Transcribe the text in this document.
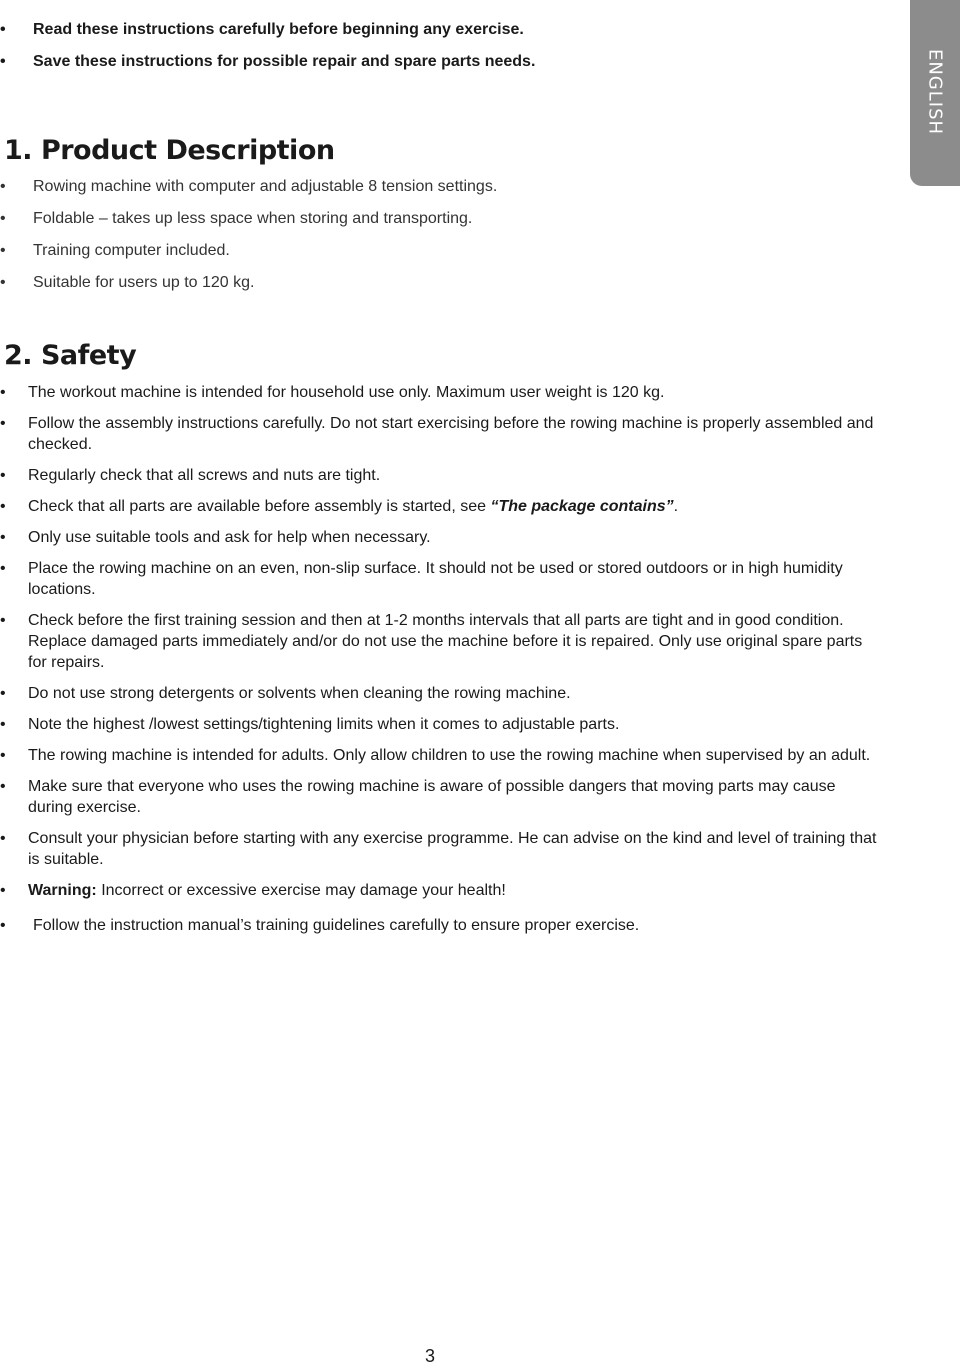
ENGLISH
• Read these instructions carefully before beginning any exercise.
• Save these instructions for possible repair and spare parts needs.
1. Product Description
• Rowing machine with computer and adjustable 8 tension settings.
• Foldable – takes up less space when storing and transporting.
• Training computer included.
• Suitable for users up to 120 kg.
2. Safety
• The workout machine is intended for household use only. Maximum user weight is 120 kg.
• Follow the assembly instructions carefully. Do not start exercising before the rowing machine is properly assembled and checked.
• Regularly check that all screws and nuts are tight.
• Check that all parts are available before assembly is started, see “The package contains”.
• Only use suitable tools and ask for help when necessary.
• Place the rowing machine on an even, non-slip surface. It should not be used or stored outdoors or in high humidity locations.
• Check before the first training session and then at 1-2 months intervals that all parts are tight and in good condition. Replace damaged parts immediately and/or do not use the machine before it is repaired. Only use original spare parts for repairs.
• Do not use strong detergents or solvents when cleaning the rowing machine.
• Note the highest /lowest settings/tightening limits when it comes to adjustable parts.
• The rowing machine is intended for adults. Only allow children to use the rowing machine when supervised by an adult.
• Make sure that everyone who uses the rowing machine is aware of possible dangers that moving parts may cause during exercise.
• Consult your physician before starting with any exercise programme. He can advise on the kind and level of training that is suitable.
• Warning: Incorrect or excessive exercise may damage your health!
• Follow the instruction manual’s training guidelines carefully to ensure proper exercise.
3
